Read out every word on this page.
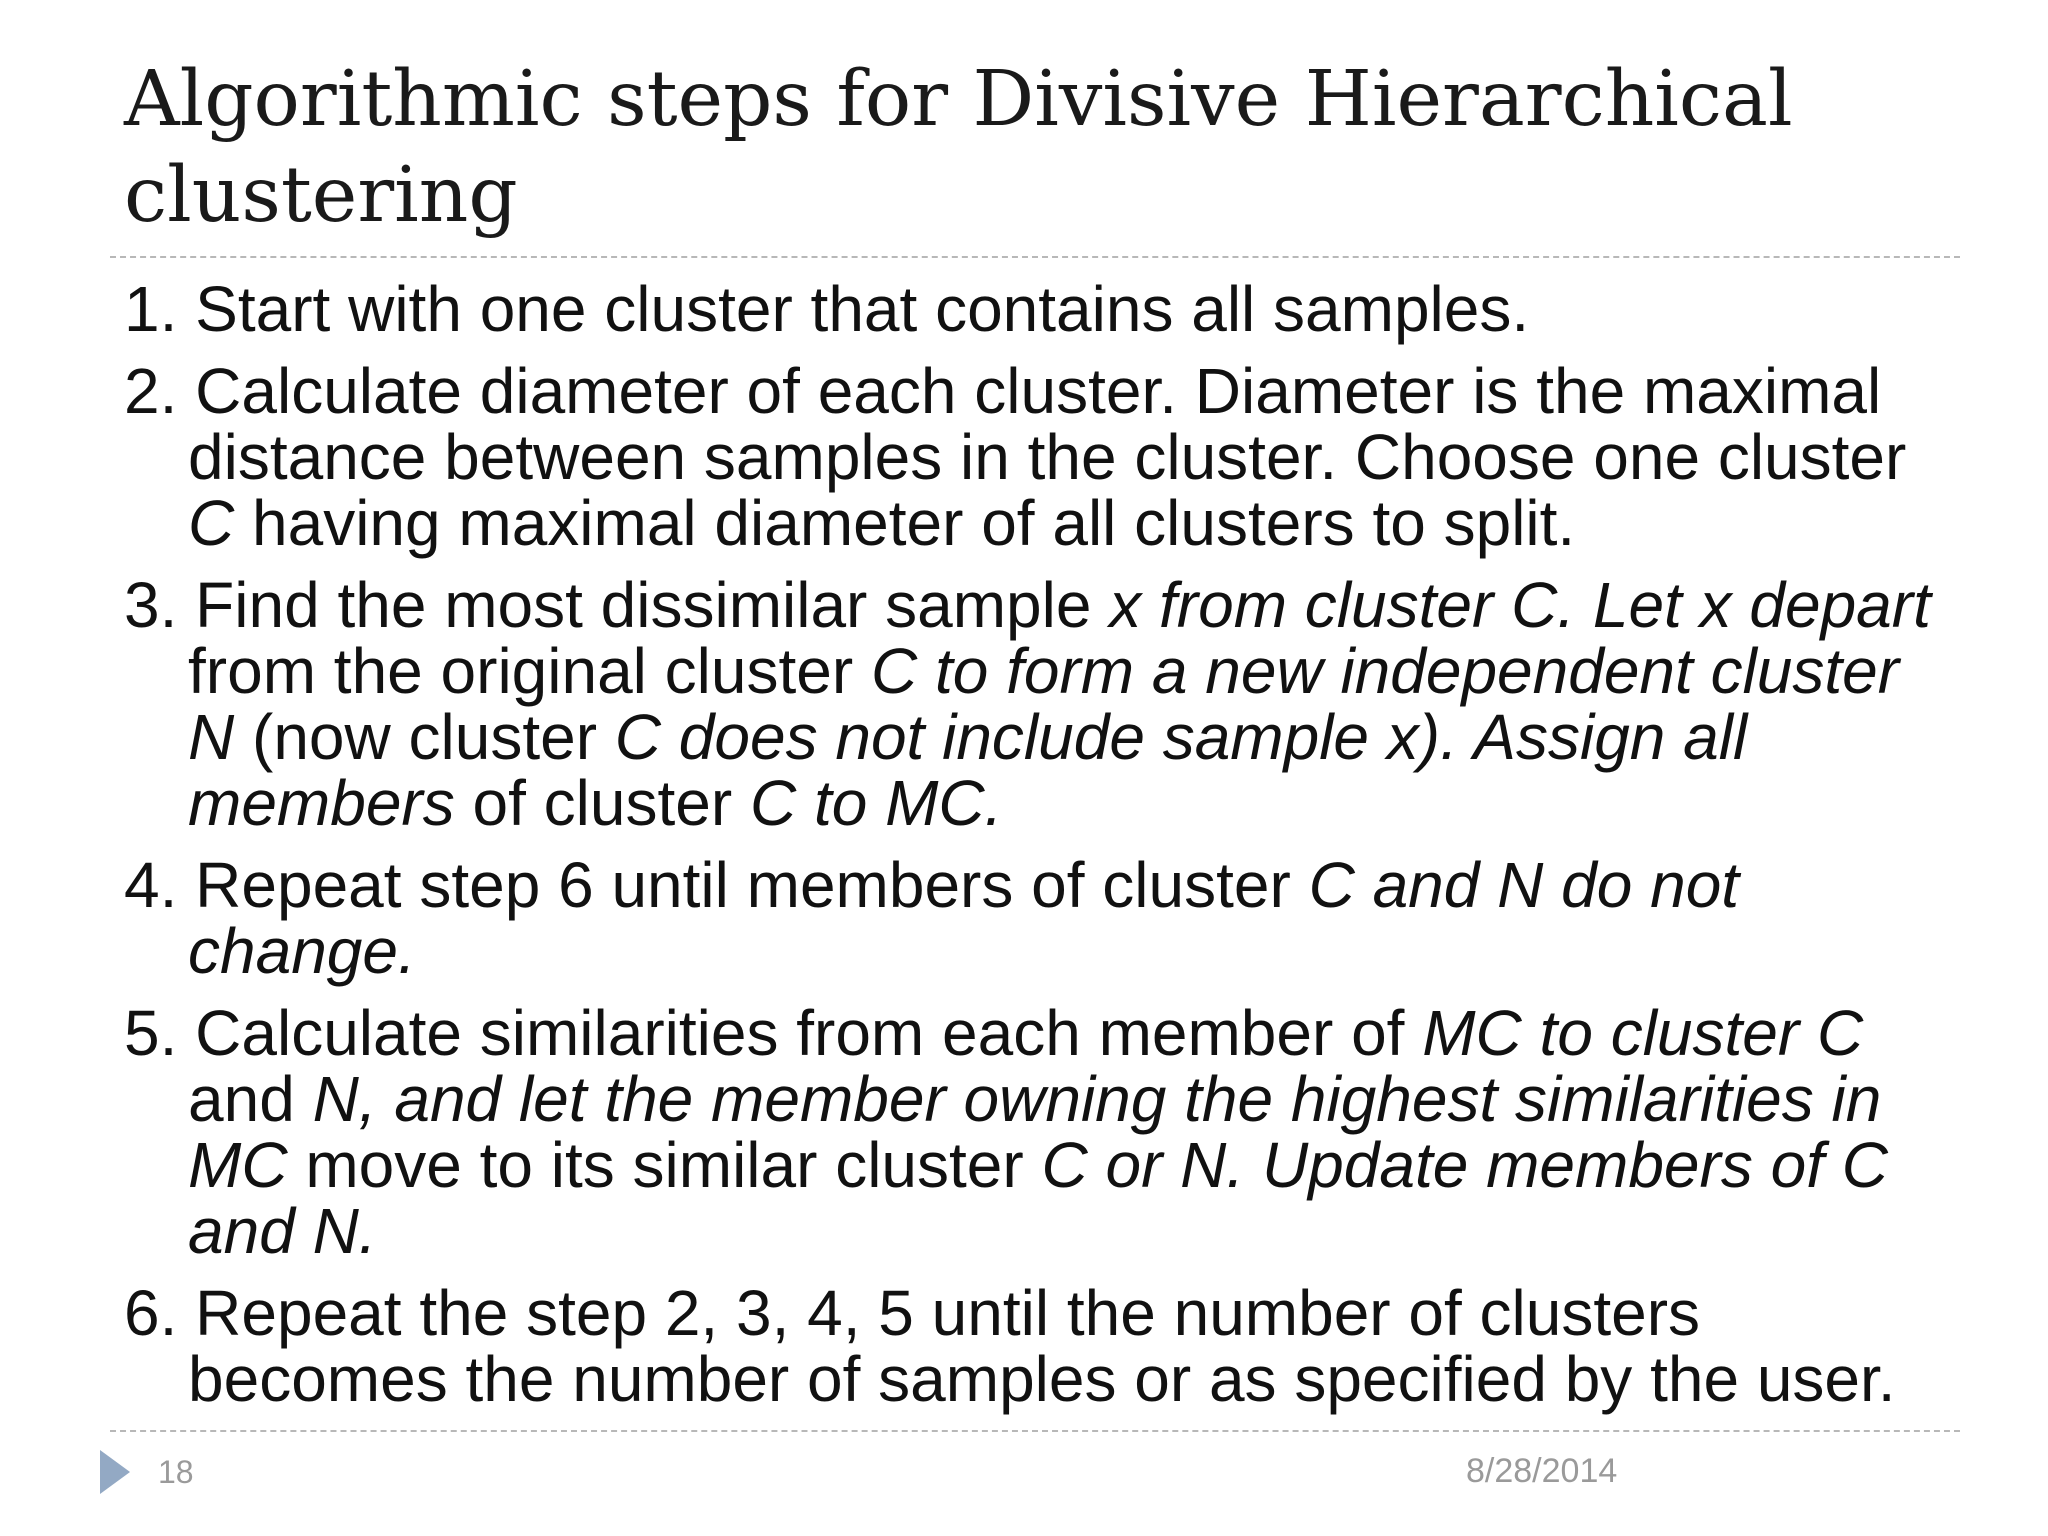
Algorithmic steps for Divisive Hierarchical clustering
1. Start with one cluster that contains all samples.
2. Calculate diameter of each cluster. Diameter is the maximal distance between samples in the cluster. Choose one cluster C having maximal diameter of all clusters to split.
3. Find the most dissimilar sample x from cluster C. Let x depart from the original cluster C to form a new independent cluster N (now cluster C does not include sample x). Assign all members of cluster C to MC.
4. Repeat step 6 until members of cluster C and N do not change.
5. Calculate similarities from each member of MC to cluster C and N, and let the member owning the highest similarities in MC move to its similar cluster C or N. Update members of C and N.
6. Repeat the step 2, 3, 4, 5 until the number of clusters becomes the number of samples or as specified by the user.
18	8/28/2014
